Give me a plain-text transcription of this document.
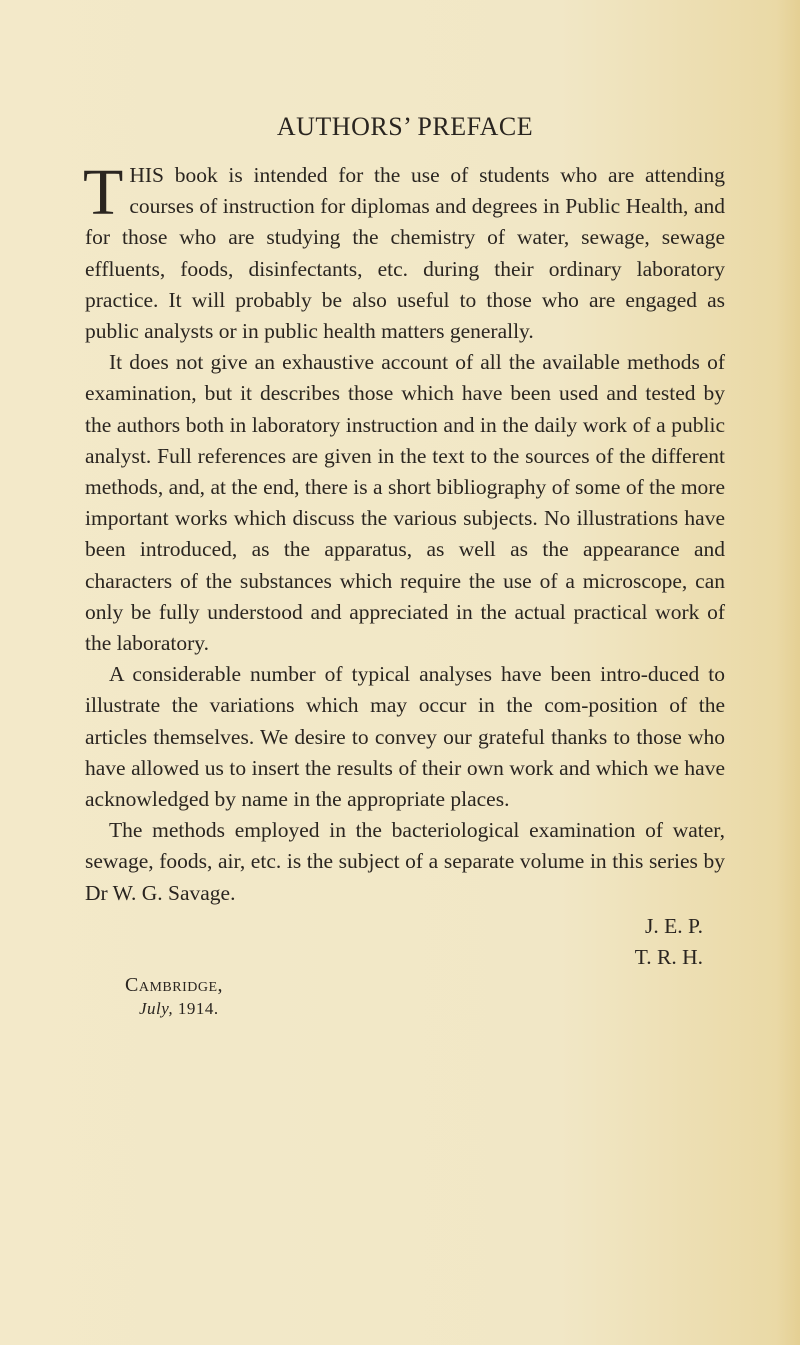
AUTHORS’ PREFACE

THIS book is intended for the use of students who are attending courses of instruction for diplomas and degrees in Public Health, and for those who are studying the chemistry of water, sewage, sewage effluents, foods, disinfectants, etc. during their ordinary laboratory practice. It will probably be also useful to those who are engaged as public analysts or in public health matters generally.

It does not give an exhaustive account of all the available methods of examination, but it describes those which have been used and tested by the authors both in laboratory instruction and in the daily work of a public analyst. Full references are given in the text to the sources of the different methods, and, at the end, there is a short bibliography of some of the more important works which discuss the various subjects. No illustrations have been introduced, as the apparatus, as well as the appearance and characters of the substances which require the use of a microscope, can only be fully understood and appreciated in the actual practical work of the laboratory.

A considerable number of typical analyses have been intro-duced to illustrate the variations which may occur in the com-position of the articles themselves. We desire to convey our grateful thanks to those who have allowed us to insert the results of their own work and which we have acknowledged by name in the appropriate places.

The methods employed in the bacteriological examination of water, sewage, foods, air, etc. is the subject of a separate volume in this series by Dr W. G. Savage.

J. E. P.
T. R. H.
Cambridge,
July, 1914.
